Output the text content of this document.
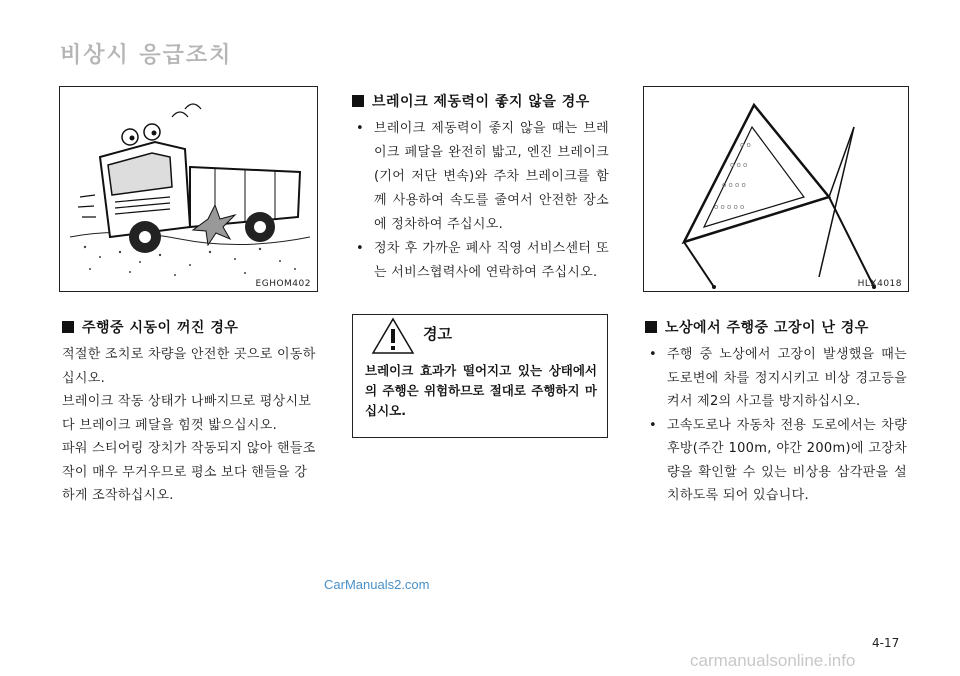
비상시 응급조치
EGHOM402
o o
o o o
o o o o
o o o o o
HLX4018
주행중 시동이 꺼진 경우

적절한 조치로 차량을 안전한 곳으로 이동하십시오.

브레이크 작동 상태가 나빠지므로 평상시보다 브레이크 페달을 힘껏 밟으십시오.

파워 스티어링 장치가 작동되지 않아 핸들조작이 매우 무거우므로 평소 보다 핸들을 강하게 조작하십시오.

브레이크 제동력이 좋지 않을 경우
• 브레이크 제동력이 좋지 않을 때는 브레이크 페달을 완전히 밟고, 엔진 브레이크(기어 저단 변속)와 주차 브레이크를 함께 사용하여 속도를 줄여서 안전한 장소에 정차하여 주십시오.
• 정차 후 가까운 폐사 직영 서비스센터 또는 서비스협력사에 연락하여 주십시오.
경고
브레이크 효과가 떨어지고 있는 상태에서의 주행은 위험하므로 절대로 주행하지 마십시오.
노상에서 주행중 고장이 난 경우
• 주행 중 노상에서 고장이 발생했을 때는 도로변에 차를 정지시키고 비상 경고등을 켜서 제2의 사고를 방지하십시오.
• 고속도로나 자동차 전용 도로에서는 차량 후방(주간 100m, 야간 200m)에 고장차량을 확인할 수 있는 비상용 삼각판을 설치하도록 되어 있습니다.
CarManuals2.com
4-17
carmanualsonline.info
